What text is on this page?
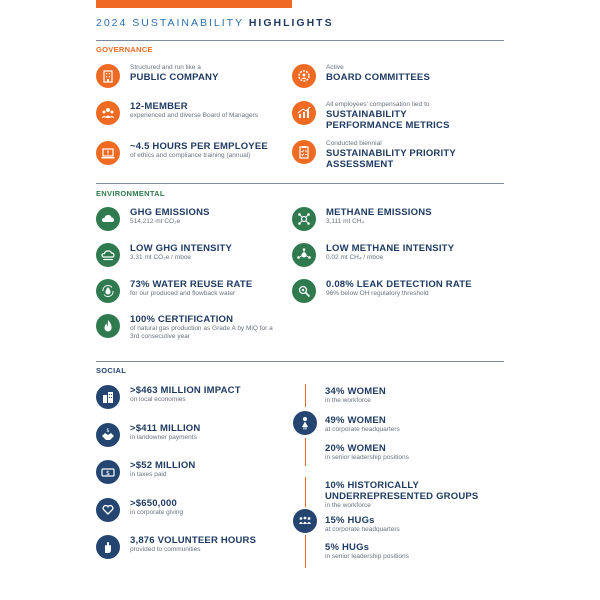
2024 SUSTAINABILITY HIGHLIGHTS
GOVERNANCE
Structured and run like a
PUBLIC COMPANY
12-MEMBER
experienced and diverse Board of Managers
~4.5 HOURS PER EMPLOYEE
of ethics and compliance training (annual)
Active
BOARD COMMITTEES
All employees' compensation tied to
SUSTAINABILITY PERFORMANCE METRICS
Conducted biennial
SUSTAINABILITY PRIORITY ASSESSMENT
ENVIRONMENTAL
GHG EMISSIONS
514,212 mt CO₂e
LOW GHG INTENSITY
3.31 mt CO₂e / mboe
73% WATER REUSE RATE
for our produced and flowback water
100% CERTIFICATION
of natural gas production as Grade A by MiQ for a 3rd consecutive year
METHANE EMISSIONS
3,111 mt CH₄
LOW METHANE INTENSITY
0.02 mt CH₄ / mboe
0.08% LEAK DETECTION RATE
96% below OH regulatory threshold
SOCIAL
>$463 MILLION IMPACT
on local economies
$ >$411 MILLION
in landowner payments
$
>$52 MILLION
in taxes paid
>$650,000
in corporate giving
3,876 VOLUNTEER HOURS
provided to communities
34% WOMEN
in the workforce
49% WOMEN
at corporate headquarters
20% WOMEN
in senior leadership positions
10% HISTORICALLY UNDERREPRESENTED GROUPS
in the workforce
15% HUGs
at corporate headquarters
5% HUGs
in senior leadership positions
